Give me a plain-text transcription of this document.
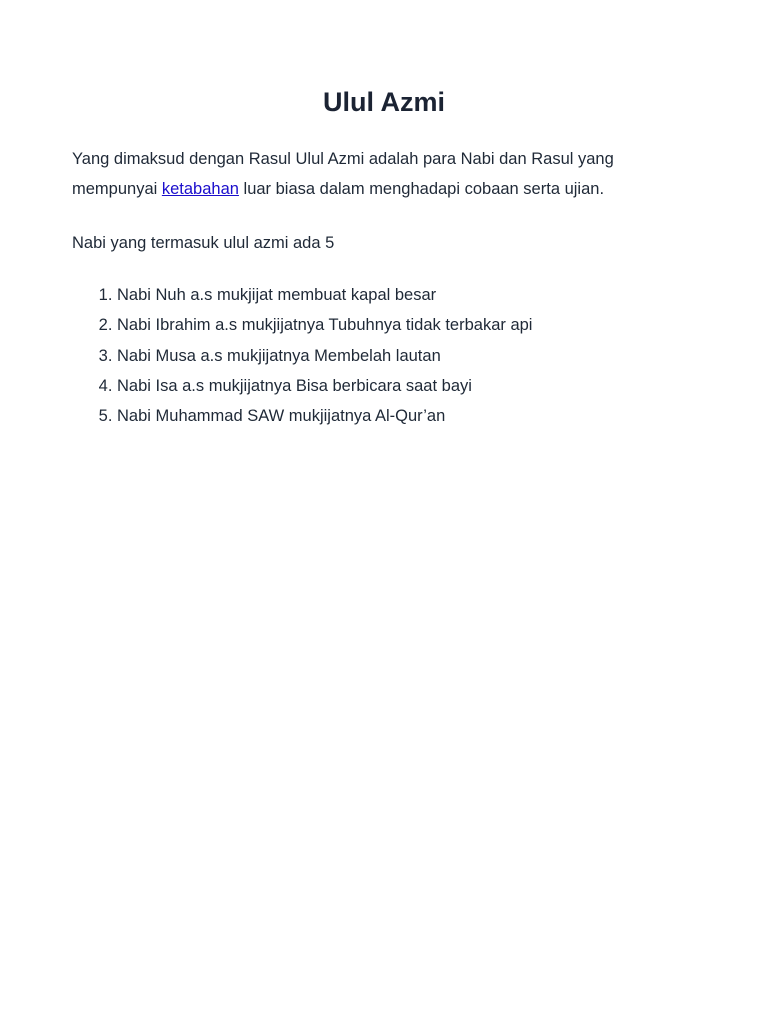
Ulul Azmi

Yang dimaksud dengan Rasul Ulul Azmi adalah para Nabi dan Rasul yang mempunyai ketabahan luar biasa dalam menghadapi cobaan serta ujian.

Nabi yang termasuk ulul azmi ada 5

1. Nabi Nuh a.s mukjijat membuat kapal besar
2. Nabi Ibrahim a.s mukjijatnya Tubuhnya tidak terbakar api
3. Nabi Musa a.s mukjijatnya Membelah lautan
4. Nabi Isa a.s mukjijatnya Bisa berbicara saat bayi
5. Nabi Muhammad SAW mukjijatnya Al-Qur’an
